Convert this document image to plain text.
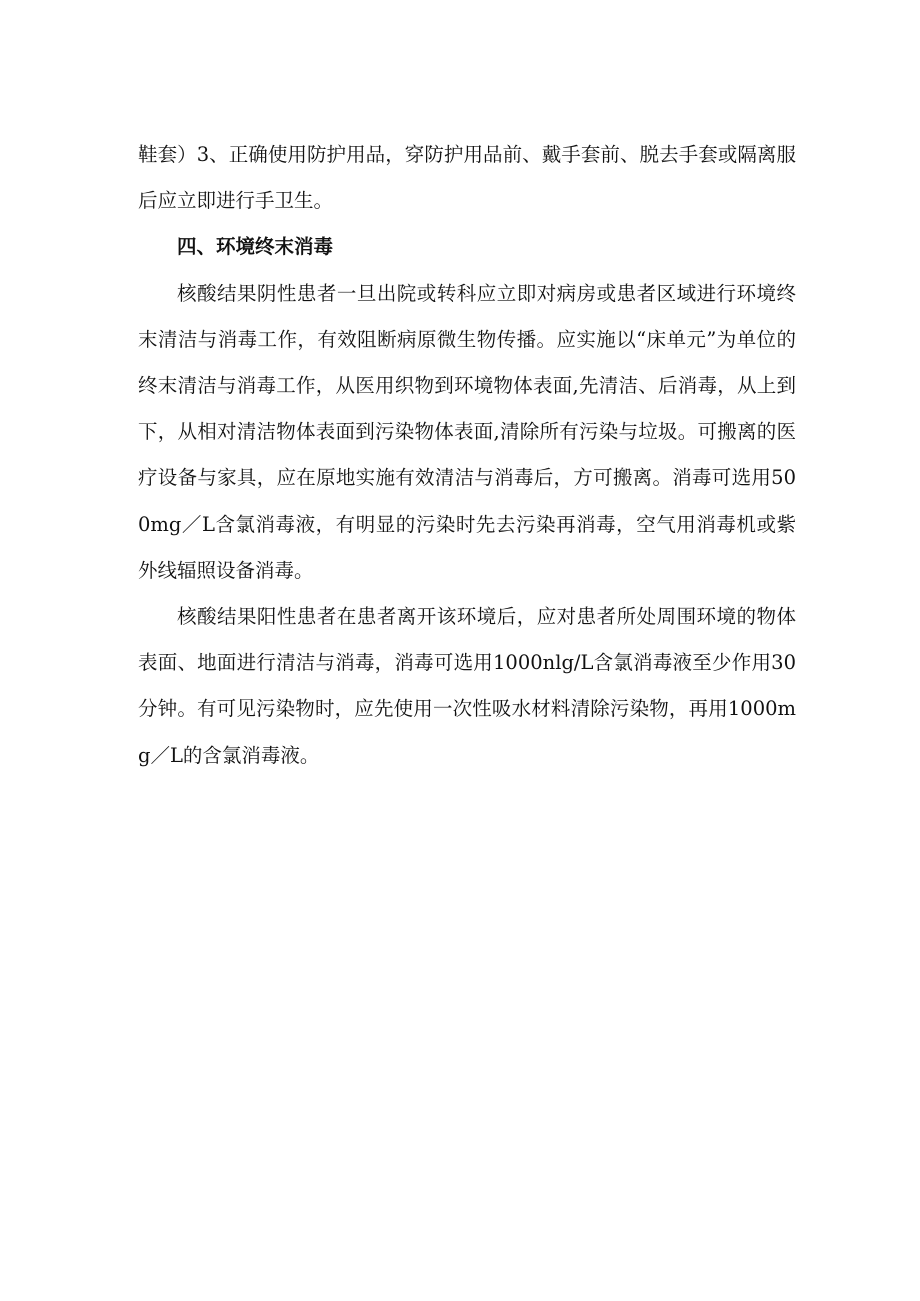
鞋套）3、正确使用防护用品，穿防护用品前、戴手套前、脱去手套或隔离服后应立即进行手卫生。

四、环境终末消毒

核酸结果阴性患者一旦出院或转科应立即对病房或患者区域进行环境终末清洁与消毒工作，有效阻断病原微生物传播。应实施以“床单元”为单位的终末清洁与消毒工作，从医用织物到环境物体表面,先清洁、后消毒，从上到下，从相对清洁物体表面到污染物体表面,清除所有污染与垃圾。可搬离的医疗设备与家具，应在原地实施有效清洁与消毒后，方可搬离。消毒可选用500mg／L含氯消毒液，有明显的污染时先去污染再消毒，空气用消毒机或紫外线辐照设备消毒。

核酸结果阳性患者在患者离开该环境后，应对患者所处周围环境的物体表面、地面进行清洁与消毒，消毒可选用1000nlg/L含氯消毒液至少作用30分钟。有可见污染物时，应先使用一次性吸水材料清除污染物，再用1000mg／L的含氯消毒液。
